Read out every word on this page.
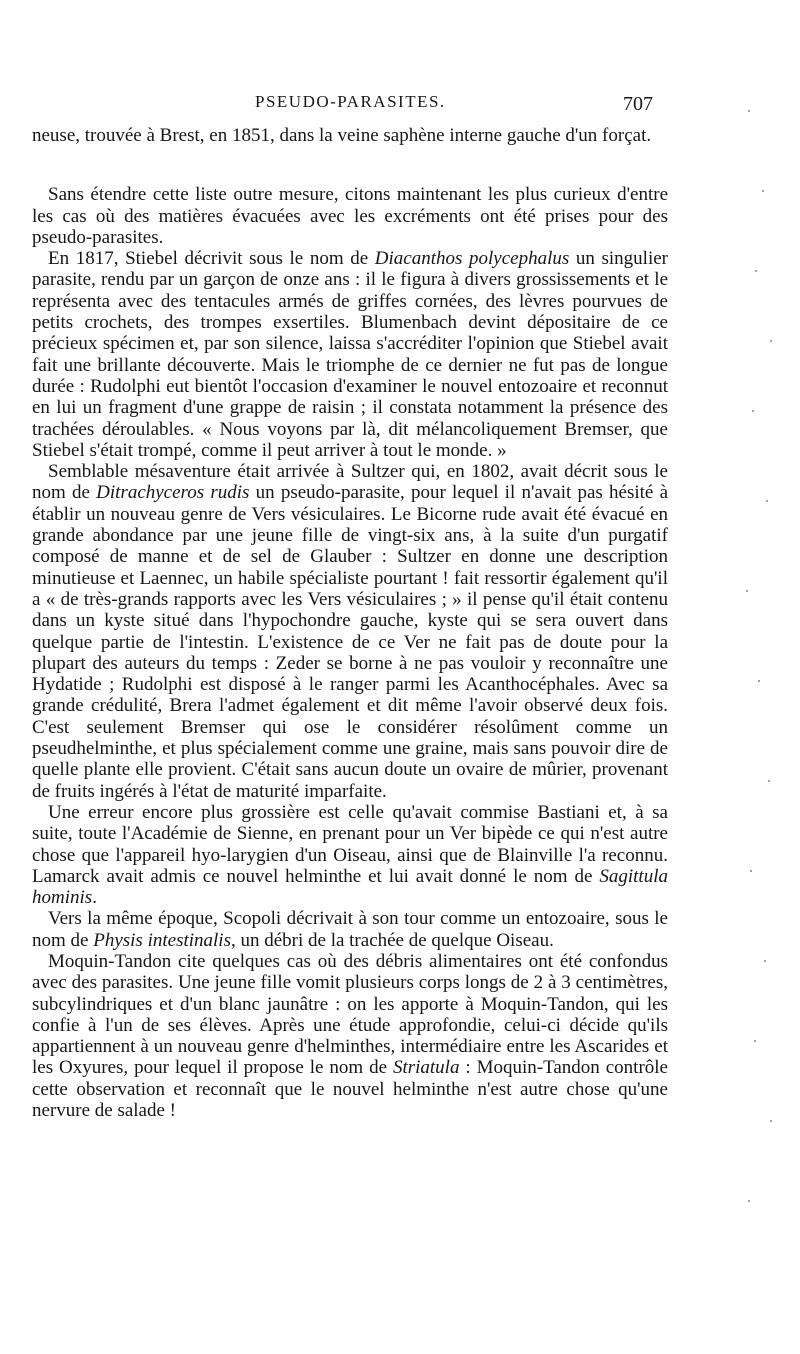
PSEUDO-PARASITES.	707

neuse, trouvée à Brest, en 1851, dans la veine saphène interne gauche d'un forçat.

Sans étendre cette liste outre mesure, citons maintenant les plus curieux d'entre les cas où des matières évacuées avec les excréments ont été prises pour des pseudo-parasites.

En 1817, Stiebel décrivit sous le nom de Diacanthos polycephalus un singulier parasite, rendu par un garçon de onze ans : il le figura à divers grossissements et le représenta avec des tentacules armés de griffes cornées, des lèvres pourvues de petits crochets, des trompes exsertiles. Blumenbach devint dépositaire de ce précieux spécimen et, par son silence, laissa s'accréditer l'opinion que Stiebel avait fait une brillante découverte. Mais le triomphe de ce dernier ne fut pas de longue durée : Rudolphi eut bientôt l'occasion d'examiner le nouvel entozoaire et reconnut en lui un fragment d'une grappe de raisin ; il constata notamment la présence des trachées déroulables. « Nous voyons par là, dit mélancoliquement Bremser, que Stiebel s'était trompé, comme il peut arriver à tout le monde. »

Semblable mésaventure était arrivée à Sultzer qui, en 1802, avait décrit sous le nom de Ditrachyceros rudis un pseudo-parasite, pour lequel il n'avait pas hésité à établir un nouveau genre de Vers vésiculaires. Le Bicorne rude avait été évacué en grande abondance par une jeune fille de vingt-six ans, à la suite d'un purgatif composé de manne et de sel de Glauber : Sultzer en donne une description minutieuse et Laennec, un habile spécialiste pourtant ! fait ressortir également qu'il a « de très-grands rapports avec les Vers vésiculaires ; » il pense qu'il était contenu dans un kyste situé dans l'hypochondre gauche, kyste qui se sera ouvert dans quelque partie de l'intestin. L'existence de ce Ver ne fait pas de doute pour la plupart des auteurs du temps : Zeder se borne à ne pas vouloir y reconnaître une Hydatide ; Rudolphi est disposé à le ranger parmi les Acanthocéphales. Avec sa grande crédulité, Brera l'admet également et dit même l'avoir observé deux fois. C'est seulement Bremser qui ose le considérer résolûment comme un pseudhelminthe, et plus spécialement comme une graine, mais sans pouvoir dire de quelle plante elle provient. C'était sans aucun doute un ovaire de mûrier, provenant de fruits ingérés à l'état de maturité imparfaite.

Une erreur encore plus grossière est celle qu'avait commise Bastiani et, à sa suite, toute l'Académie de Sienne, en prenant pour un Ver bipède ce qui n'est autre chose que l'appareil hyo-larygien d'un Oiseau, ainsi que de Blainville l'a reconnu. Lamarck avait admis ce nouvel helminthe et lui avait donné le nom de Sagittula hominis.

Vers la même époque, Scopoli décrivait à son tour comme un entozoaire, sous le nom de Physis intestinalis, un débri de la trachée de quelque Oiseau.

Moquin-Tandon cite quelques cas où des débris alimentaires ont été confondus avec des parasites. Une jeune fille vomit plusieurs corps longs de 2 à 3 centimètres, subcylindriques et d'un blanc jaunâtre : on les apporte à Moquin-Tandon, qui les confie à l'un de ses élèves. Après une étude approfondie, celui-ci décide qu'ils appartiennent à un nouveau genre d'helminthes, intermédiaire entre les Ascarides et les Oxyures, pour lequel il propose le nom de Striatula : Moquin-Tandon contrôle cette observation et reconnaît que le nouvel helminthe n'est autre chose qu'une nervure de salade !
